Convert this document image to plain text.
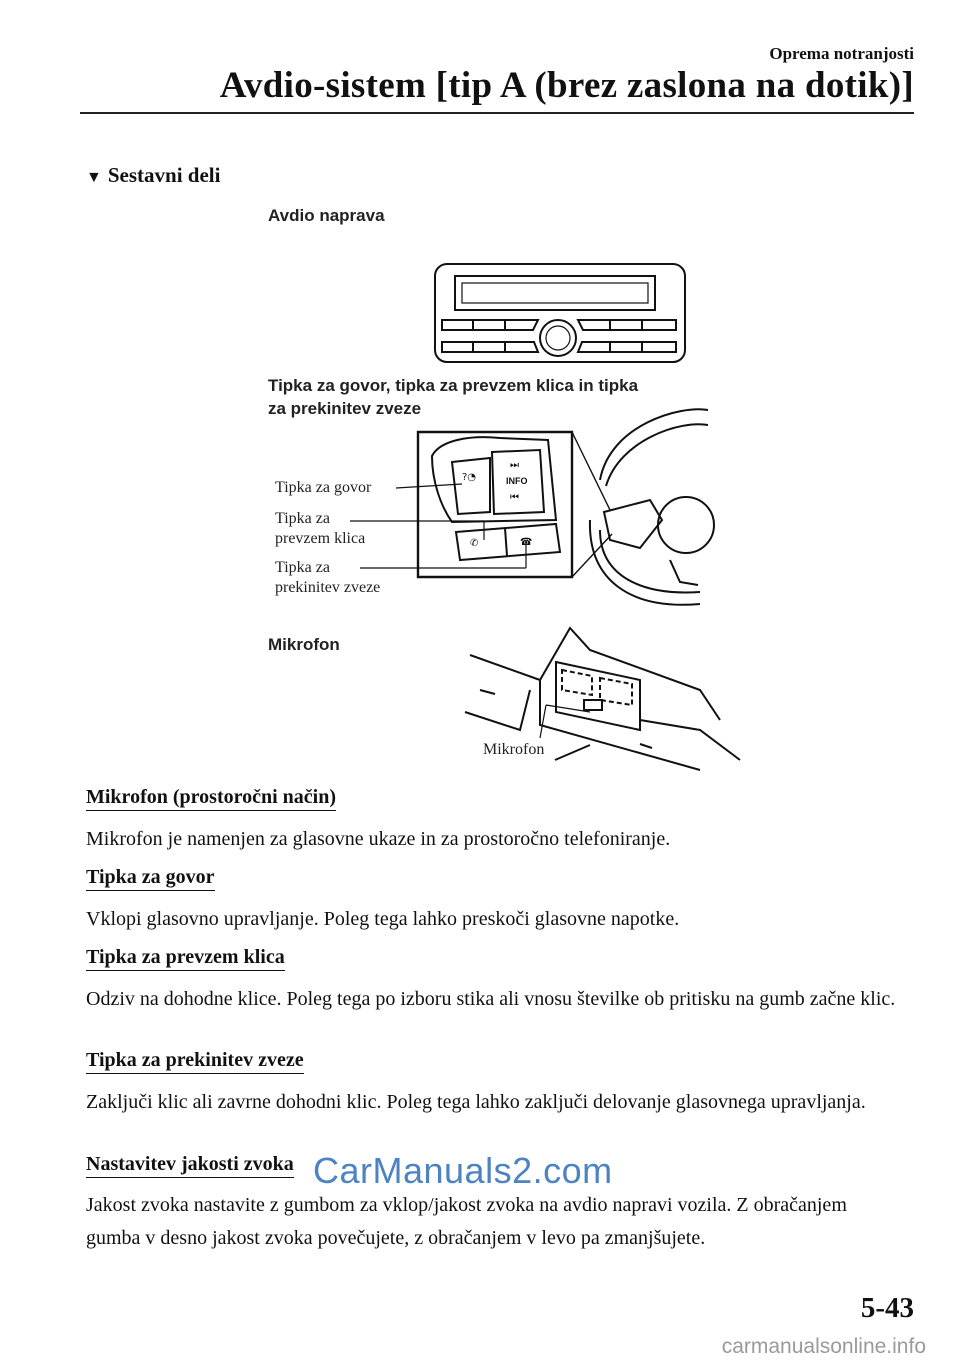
Oprema notranjosti
Avdio-sistem [tip A (brez zaslona na dotik)]
▼ Sestavni deli
Avdio naprava
Tipka za govor, tipka za prevzem klica in tipka
za prekinitev zveze
INFO
?◔
⏭
⏮
✆	☎
Tipka za govor
Tipka za
prevzem klica
Tipka za
prekinitev zveze
Mikrofon
Mikrofon
Mikrofon (prostoročni način)
Mikrofon je namenjen za glasovne ukaze in za prostoročno telefoniranje.
Tipka za govor
Vklopi glasovno upravljanje. Poleg tega lahko preskoči glasovne napotke.
Tipka za prevzem klica
Odziv na dohodne klice. Poleg tega po izboru stika ali vnosu številke ob pritisku na gumb začne klic.
Tipka za prekinitev zveze
Zaključi klic ali zavrne dohodni klic. Poleg tega lahko zaključi delovanje glasovnega upravljanja.
Nastavitev jakosti zvoka
Jakost zvoka nastavite z gumbom za vklop/jakost zvoka na avdio napravi vozila. Z obračanjem gumba v desno jakost zvoka povečujete, z obračanjem v levo pa zmanjšujete.
CarManuals2.com
5-43
carmanualsonline.info
